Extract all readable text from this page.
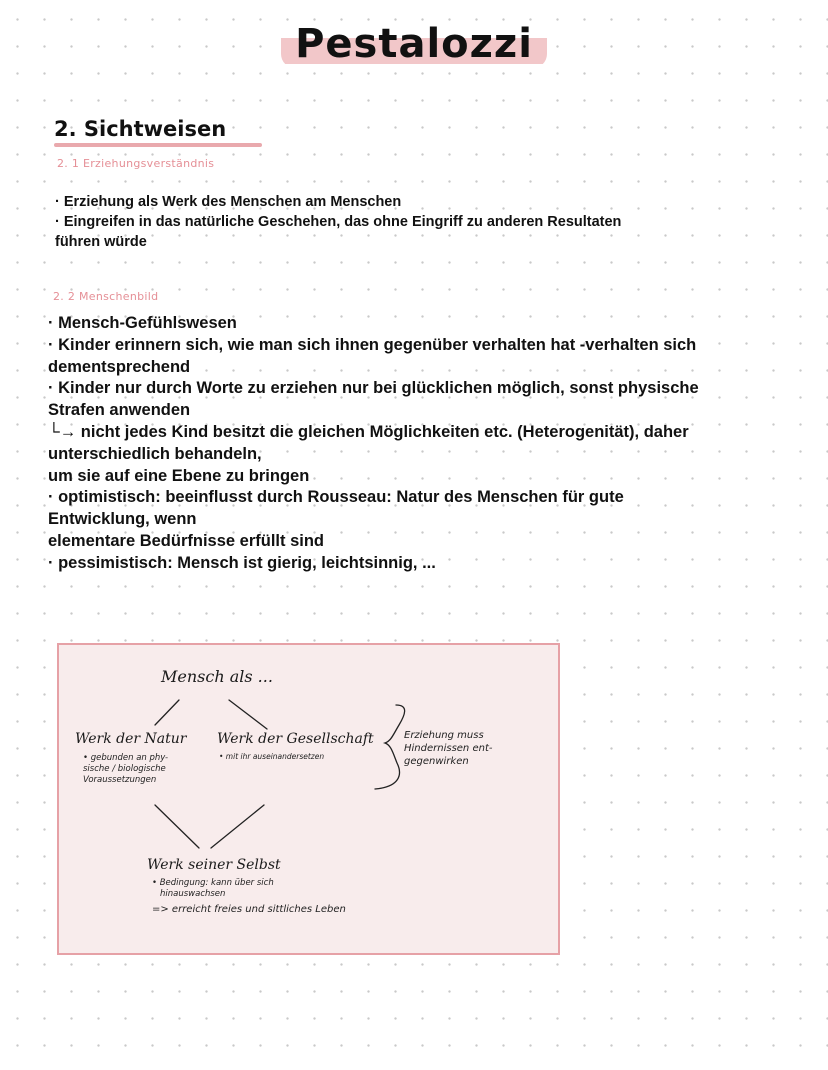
Pestalozzi
2. Sichtweisen
2. 1 Erziehungsverständnis
· Erziehung als Werk des Menschen am Menschen
· Eingreifen in das natürliche Geschehen, das ohne Eingriff zu anderen Resultaten
führen würde
2. 2 Menschenbild
· Mensch-Gefühlswesen
· Kinder erinnern sich, wie man sich ihnen gegenüber verhalten hat -verhalten sich
dementsprechend
· Kinder nur durch Worte zu erziehen nur bei glücklichen möglich, sonst physische
Strafen anwenden
└→ nicht jedes Kind besitzt die gleichen Möglichkeiten etc. (Heterogenität), daher
unterschiedlich behandeln,
um sie auf eine Ebene zu bringen
· optimistisch: beeinflusst durch Rousseau: Natur des Menschen für gute
Entwicklung, wenn
elementare Bedürfnisse erfüllt sind
· pessimistisch: Mensch ist gierig, leichtsinnig, ...
Mensch als ...
Werk der Natur
• gebunden an phy-
sische / biologische
Voraussetzungen
Werk der Gesellschaft
• mit ihr auseinandersetzen
Erziehung muss
Hindernissen ent-
gegenwirken
Werk seiner Selbst
• Bedingung: kann über sich
hinauswachsen
=> erreicht freies und sittliches Leben
